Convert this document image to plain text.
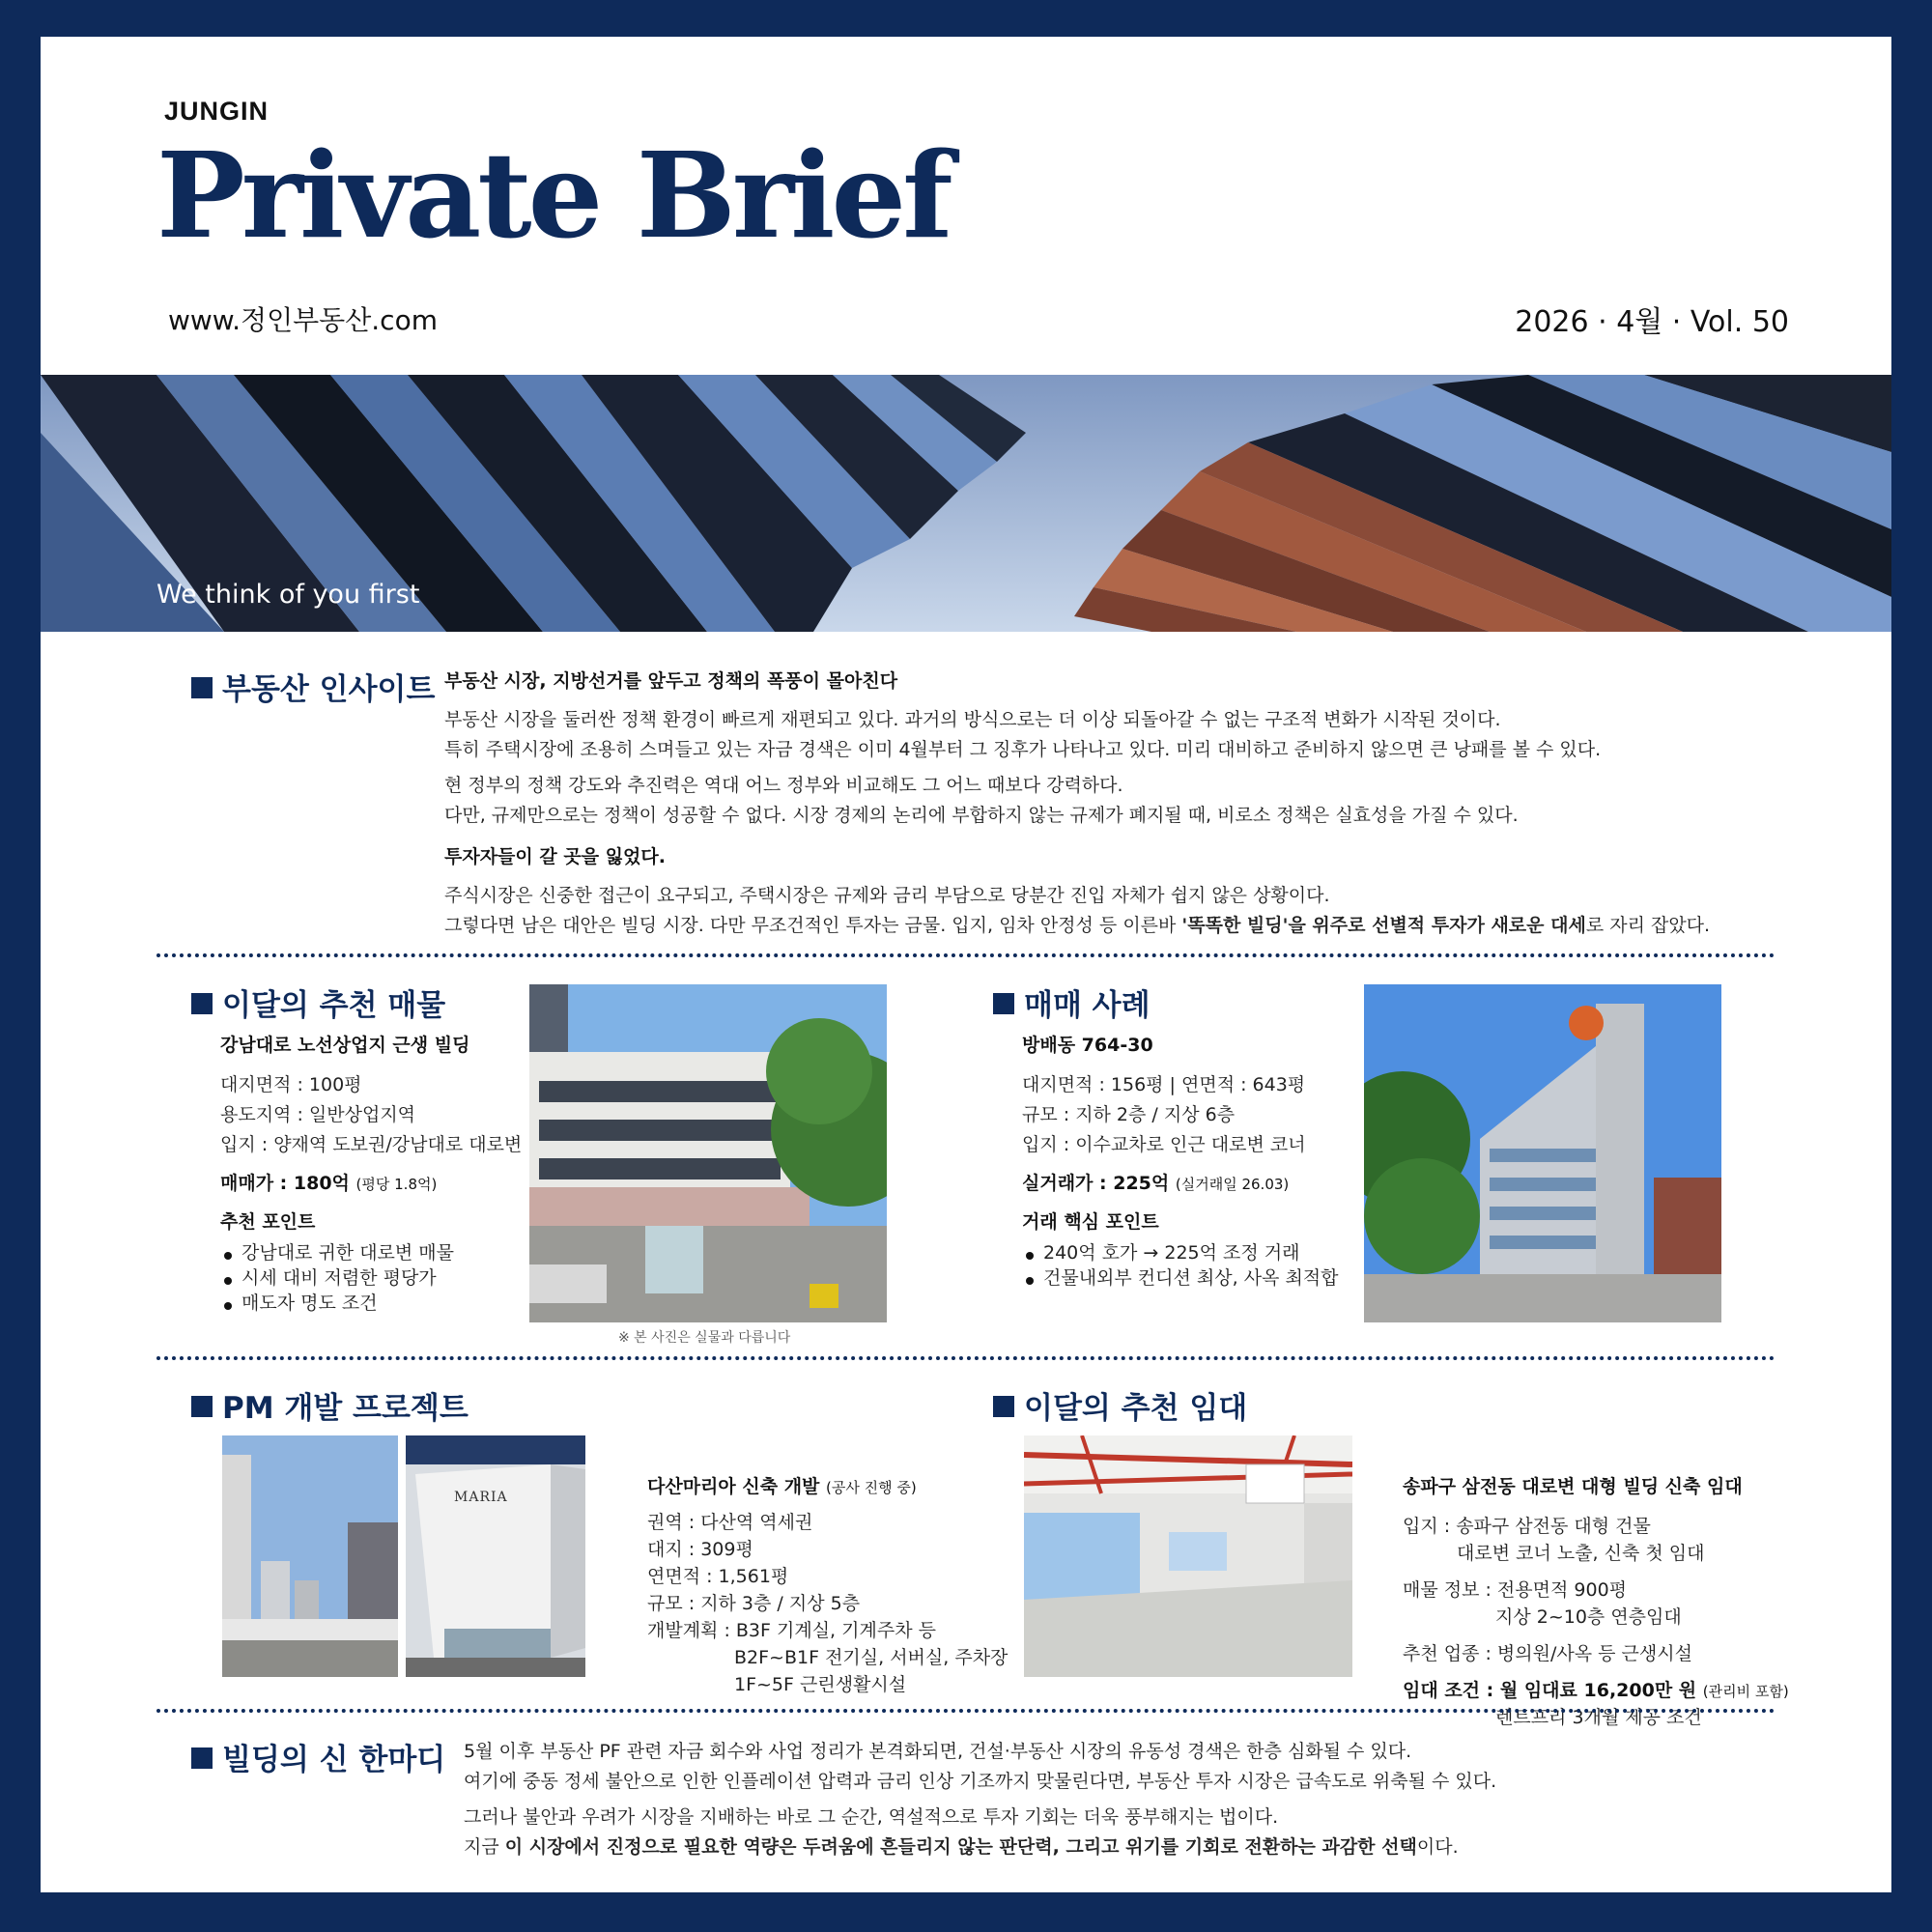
JUNGIN
Private Brief
www.정인부동산.com	2026 · 4월 · Vol. 50
We think of you first
부동산 인사이트 부동산 시장, 지방선거를 앞두고 정책의 폭풍이 몰아친다
부동산 시장을 둘러싼 정책 환경이 빠르게 재편되고 있다. 과거의 방식으로는 더 이상 되돌아갈 수 없는 구조적 변화가 시작된 것이다.
특히 주택시장에 조용히 스며들고 있는 자금 경색은 이미 4월부터 그 징후가 나타나고 있다. 미리 대비하고 준비하지 않으면 큰 낭패를 볼 수 있다.
현 정부의 정책 강도와 추진력은 역대 어느 정부와 비교해도 그 어느 때보다 강력하다.
다만, 규제만으로는 정책이 성공할 수 없다. 시장 경제의 논리에 부합하지 않는 규제가 폐지될 때, 비로소 정책은 실효성을 가질 수 있다.
투자자들이 갈 곳을 잃었다.
주식시장은 신중한 접근이 요구되고, 주택시장은 규제와 금리 부담으로 당분간 진입 자체가 쉽지 않은 상황이다.
그렇다면 남은 대안은 빌딩 시장. 다만 무조건적인 투자는 금물. 입지, 임차 안정성 등 이른바 '똑똑한 빌딩'을 위주로 선별적 투자가 새로운 대세로 자리 잡았다.
이달의 추천 매물
강남대로 노선상업지 근생 빌딩
대지면적 : 100평
용도지역 : 일반상업지역
입지 : 양재역 도보권/강남대로 대로변
매매가 : 180억 (평당 1.8억)
추천 포인트
강남대로 귀한 대로변 매물
시세 대비 저렴한 평당가
매도자 명도 조건
※ 본 사진은 실물과 다릅니다
매매 사례
방배동 764-30
대지면적 : 156평 | 연면적 : 643평
규모 : 지하 2층 / 지상 6층
입지 : 이수교차로 인근 대로변 코너
실거래가 : 225억 (실거래일 26.03)
거래 핵심 포인트
240억 호가 → 225억 조정 거래
건물내외부 컨디션 최상, 사옥 최적합
PM 개발 프로젝트
MARIA	다산마리아 신축 개발 (공사 진행 중)
권역 : 다산역 역세권
대지 : 309평
연면적 : 1,561평
규모 : 지하 3층 / 지상 5층
개발계획 : B3F 기계실, 기계주차 등
B2F~B1F 전기실, 서버실, 주차장
1F~5F 근린생활시설
이달의 추천 임대
송파구 삼전동 대로변 대형 빌딩 신축 임대
입지 : 송파구 삼전동 대형 건물
대로변 코너 노출, 신축 첫 임대
매물 정보 : 전용면적 900평
지상 2~10층 연층임대
추천 업종 : 병의원/사옥 등 근생시설
임대 조건 : 월 임대료 16,200만 원 (관리비 포함)
렌트프리 3개월 제공 조건
빌딩의 신 한마디 5월 이후 부동산 PF 관련 자금 회수와 사업 정리가 본격화되면, 건설·부동산 시장의 유동성 경색은 한층 심화될 수 있다.
여기에 중동 정세 불안으로 인한 인플레이션 압력과 금리 인상 기조까지 맞물린다면, 부동산 투자 시장은 급속도로 위축될 수 있다.
그러나 불안과 우려가 시장을 지배하는 바로 그 순간, 역설적으로 투자 기회는 더욱 풍부해지는 법이다.
지금 이 시장에서 진정으로 필요한 역량은 두려움에 흔들리지 않는 판단력, 그리고 위기를 기회로 전환하는 과감한 선택이다.
